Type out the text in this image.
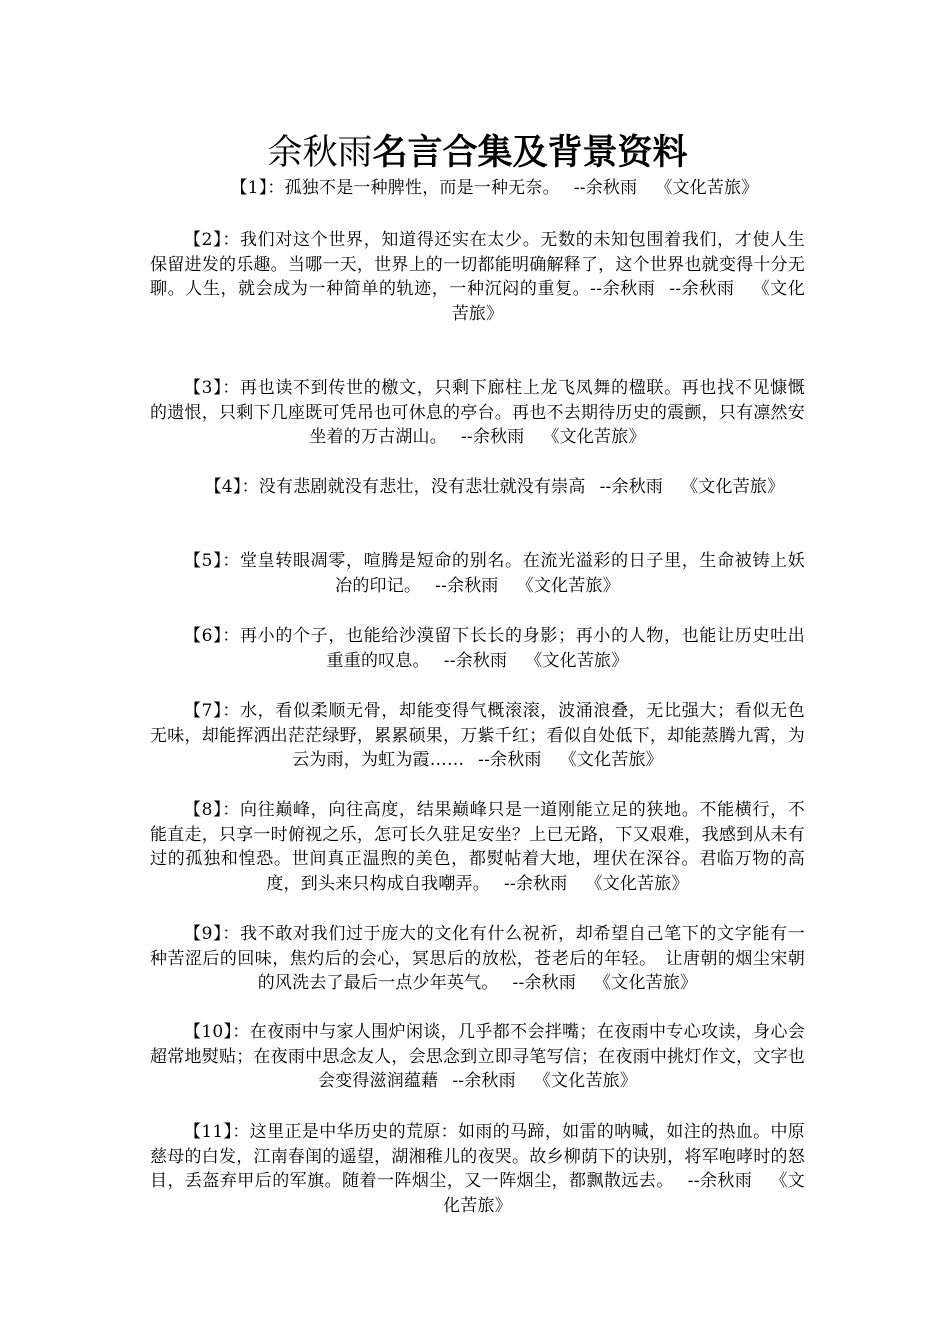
余秋雨名言合集及背景资料
【1】：孤独不是一种脾性，而是一种无奈。 --余秋雨 《文化苦旅》
【2】：我们对这个世界，知道得还实在太少。无数的未知包围着我们，才使人生保留进发的乐趣。当哪一天，世界上的一切都能明确解释了，这个世界也就变得十分无聊。人生，就会成为一种简单的轨迹，一种沉闷的重复。--余秋雨 --余秋雨 《文化苦旅》
【3】：再也读不到传世的檄文，只剩下廊柱上龙飞凤舞的楹联。再也找不见慷慨的遗恨，只剩下几座既可凭吊也可休息的亭台。再也不去期待历史的震颤，只有凛然安坐着的万古湖山。 --余秋雨 《文化苦旅》
【4】：没有悲剧就没有悲壮，没有悲壮就没有崇高 --余秋雨 《文化苦旅》
【5】：堂皇转眼凋零，喧腾是短命的别名。在流光溢彩的日子里，生命被铸上妖冶的印记。 --余秋雨 《文化苦旅》
【6】：再小的个子，也能给沙漠留下长长的身影；再小的人物，也能让历史吐出重重的叹息。 --余秋雨 《文化苦旅》
【7】：水，看似柔顺无骨，却能变得气概滚滚，波涌浪叠，无比强大；看似无色无味，却能挥洒出茫茫绿野，累累硕果，万紫千红；看似自处低下，却能蒸腾九霄，为云为雨，为虹为霞…… --余秋雨 《文化苦旅》
【8】：向往巅峰，向往高度，结果巅峰只是一道刚能立足的狭地。不能横行，不能直走，只享一时俯视之乐，怎可长久驻足安坐？上已无路，下又艰难，我感到从未有过的孤独和惶恐。世间真正温煦的美色，都熨帖着大地，埋伏在深谷。君临万物的高度，到头来只构成自我嘲弄。 --余秋雨 《文化苦旅》
【9】：我不敢对我们过于庞大的文化有什么祝祈，却希望自己笔下的文字能有一种苦涩后的回味，焦灼后的会心，冥思后的放松，苍老后的年轻。　让唐朝的烟尘宋朝的风洗去了最后一点少年英气。 --余秋雨 《文化苦旅》
【10】：在夜雨中与家人围炉闲谈，几乎都不会拌嘴；在夜雨中专心攻读，身心会超常地熨贴；在夜雨中思念友人，会思念到立即寻笔写信；在夜雨中挑灯作文，文字也会变得滋润蕴藉 --余秋雨 《文化苦旅》
【11】：这里正是中华历史的荒原：如雨的马蹄，如雷的呐喊，如注的热血。中原慈母的白发，江南春闺的遥望，湖湘稚儿的夜哭。故乡柳荫下的诀别，将军咆哮时的怒目，丢盔弃甲后的军旗。随着一阵烟尘，又一阵烟尘，都飘散远去。 --余秋雨 《文化苦旅》
